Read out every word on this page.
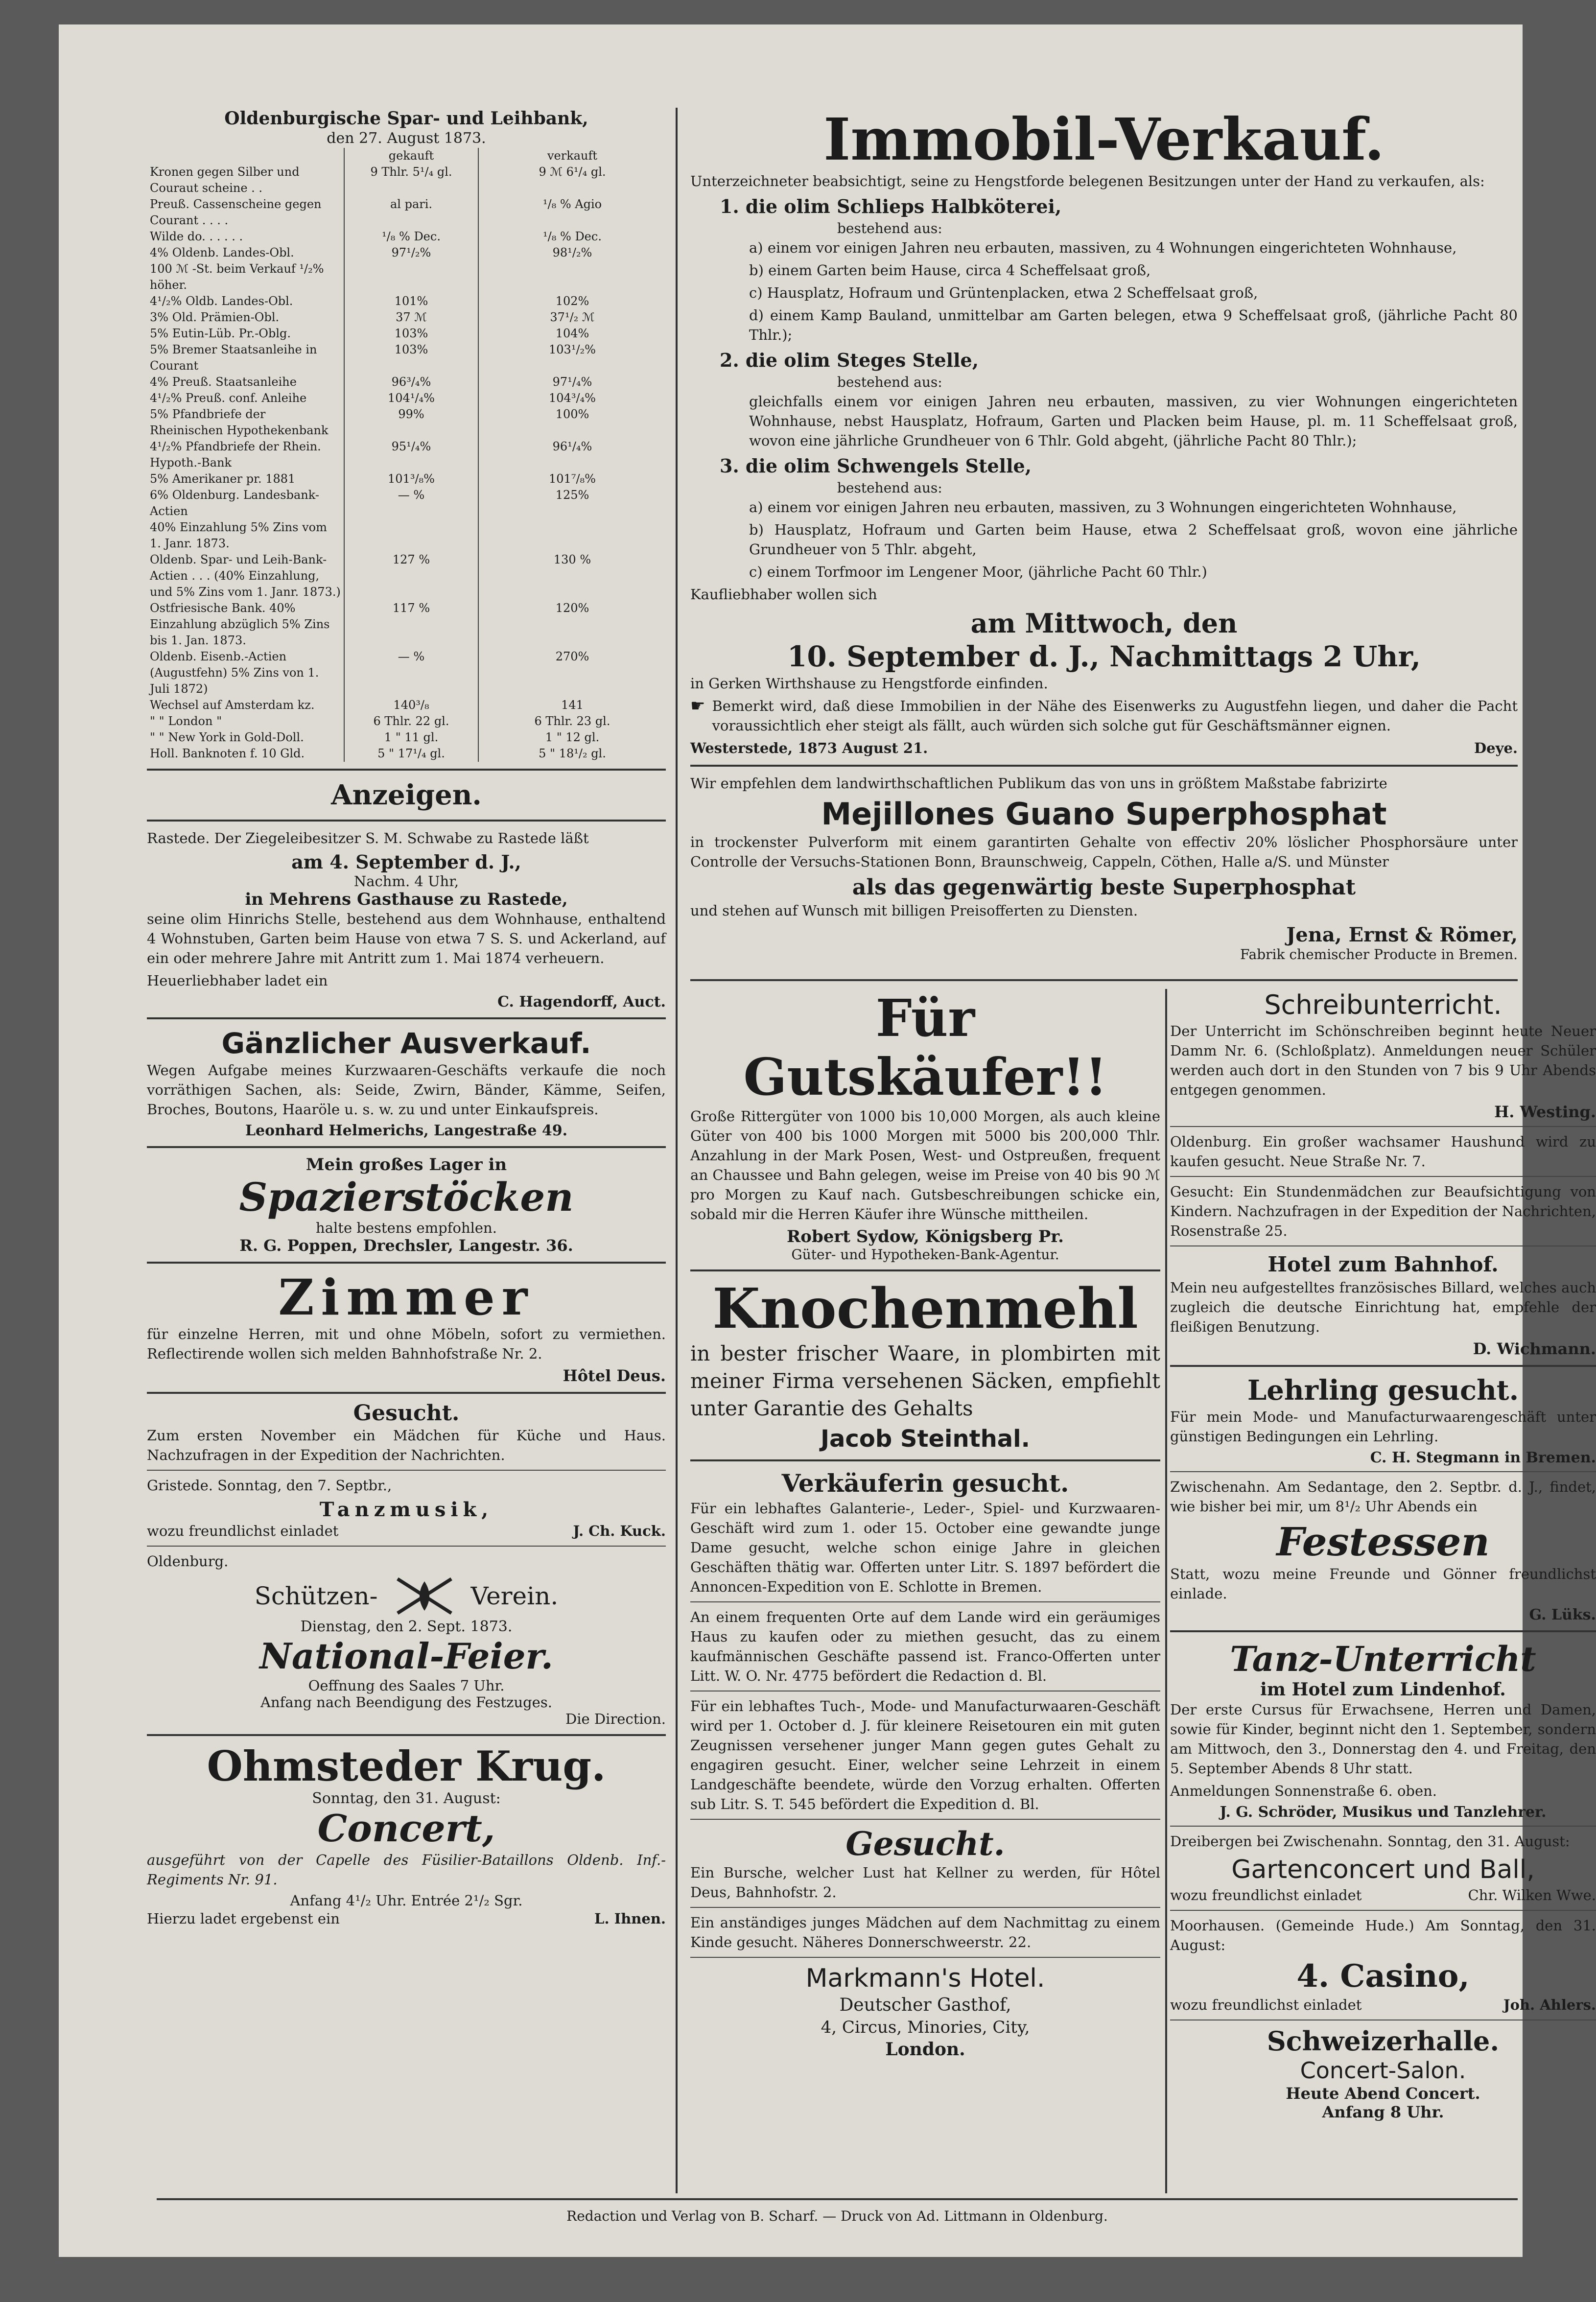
Oldenburgische Spar- und Leihbank,
den 27. August 1873.
	gekauft	verkauft
Kronen gegen Silber und Couraut scheine . .	9 Thlr. 5¹/₄ gl.	9 ℳ 6¹/₄ gl.
Preuß. Cassenscheine gegen Courant . . . .	al pari.	¹/₈ % Agio
Wilde do. . . . . .	¹/₈ % Dec.	¹/₈ % Dec.
4% Oldenb. Landes-Obl.	97¹/₂%	98¹/₂%
100 ℳ -St. beim Verkauf ¹/₂% höher.		
4¹/₂% Oldb. Landes-Obl.	101%	102%
3% Old. Prämien-Obl.	37 ℳ	37¹/₂ ℳ
5% Eutin-Lüb. Pr.-Oblg.	103%	104%
5% Bremer Staatsanleihe in Courant	103%	103¹/₂%
4% Preuß. Staatsanleihe	96³/₄%	97¹/₄%
4¹/₂% Preuß. conf. Anleihe	104¹/₄%	104³/₄%
5% Pfandbriefe der Rheinischen Hypothekenbank	99%	100%
4¹/₂% Pfandbriefe der Rhein. Hypoth.-Bank	95¹/₄%	96¹/₄%
5% Amerikaner pr. 1881	101³/₈%	101⁷/₈%
6% Oldenburg. Landesbank-Actien	— %	125%
40% Einzahlung 5% Zins vom 1. Janr. 1873.		
Oldenb. Spar- und Leih-Bank-Actien . . . (40% Einzahlung, und 5% Zins vom 1. Janr. 1873.)	127 %	130 %
Ostfriesische Bank. 40% Einzahlung abzüglich 5% Zins bis 1. Jan. 1873.	117 %	120%
Oldenb. Eisenb.-Actien (Augustfehn) 5% Zins von 1. Juli 1872)	— %	270%
Wechsel auf Amsterdam kz.	140³/₈	141
" " London "	6 Thlr. 22 gl.	6 Thlr. 23 gl.
" " New York in Gold-Doll.	1 " 11 gl.	1 " 12 gl.
Holl. Banknoten f. 10 Gld.	5 " 17¹/₄ gl.	5 " 18¹/₂ gl.
Anzeigen.

Rastede. Der Ziegeleibesitzer S. M. Schwabe zu Rastede läßt

am 4. September d. J.,
Nachm. 4 Uhr,
in Mehrens Gasthause zu Rastede,

seine olim Hinrichs Stelle, bestehend aus dem Wohnhause, enthaltend 4 Wohnstuben, Garten beim Hause von etwa 7 S. S. und Ackerland, auf ein oder mehrere Jahre mit Antritt zum 1. Mai 1874 verheuern.

Heuerliebhaber ladet ein

C. Hagendorff, Auct.
Gänzlicher Ausverkauf.

Wegen Aufgabe meines Kurzwaaren-Geschäfts verkaufe die noch vorräthigen Sachen, als: Seide, Zwirn, Bänder, Kämme, Seifen, Broches, Boutons, Haaröle u. s. w. zu und unter Einkaufspreis.

Leonhard Helmerichs, Langestraße 49.
Mein großes Lager in
Spazierstöcken
halte bestens empfohlen.
R. G. Poppen, Drechsler, Langestr. 36.
Zimmer

für einzelne Herren, mit und ohne Möbeln, sofort zu vermiethen. Reflectirende wollen sich melden Bahnhofstraße Nr. 2.

Hôtel Deus.
Gesucht.

Zum ersten November ein Mädchen für Küche und Haus. Nachzufragen in der Expedition der Nachrichten.

Gristede. Sonntag, den 7. Septbr.,

Tanzmusik,
wozu freundlichst einladet	J. Ch. Kuck.

Oldenburg.

Schützen-	Verein.
Dienstag, den 2. Sept. 1873.
National-Feier.
Oeffnung des Saales 7 Uhr.
Anfang nach Beendigung des Festzuges.
Die Direction.
Ohmsteder Krug.
Sonntag, den 31. August:
Concert,

ausgeführt von der Capelle des Füsilier-Bataillons Oldenb. Inf.-Regiments Nr. 91.

Anfang 4¹/₂ Uhr. Entrée 2¹/₂ Sgr.
Hierzu ladet ergebenst ein	L. Ihnen.
Immobil-Verkauf.

Unterzeichneter beabsichtigt, seine zu Hengstforde belegenen Besitzungen unter der Hand zu verkaufen, als:

1. die olim Schlieps Halbköterei,
bestehend aus:

a) einem vor einigen Jahren neu erbauten, massiven, zu 4 Wohnungen eingerichteten Wohnhause,

b) einem Garten beim Hause, circa 4 Scheffelsaat groß,

c) Hausplatz, Hofraum und Grüntenplacken, etwa 2 Scheffelsaat groß,

d) einem Kamp Bauland, unmittelbar am Garten belegen, etwa 9 Scheffelsaat groß, (jährliche Pacht 80 Thlr.);

2. die olim Steges Stelle,
bestehend aus:

gleichfalls einem vor einigen Jahren neu erbauten, massiven, zu vier Wohnungen eingerichteten Wohnhause, nebst Hausplatz, Hofraum, Garten und Placken beim Hause, pl. m. 11 Scheffelsaat groß, wovon eine jährliche Grundheuer von 6 Thlr. Gold abgeht, (jährliche Pacht 80 Thlr.);

3. die olim Schwengels Stelle,
bestehend aus:

a) einem vor einigen Jahren neu erbauten, massiven, zu 3 Wohnungen eingerichteten Wohnhause,

b) Hausplatz, Hofraum und Garten beim Hause, etwa 2 Scheffelsaat groß, wovon eine jährliche Grundheuer von 5 Thlr. abgeht,

c) einem Torfmoor im Lengener Moor, (jährliche Pacht 60 Thlr.)

Kaufliebhaber wollen sich

am Mittwoch, den
10. September d. J., Nachmittags 2 Uhr,

in Gerken Wirthshause zu Hengstforde einfinden.

☛ Bemerkt wird, daß diese Immobilien in der Nähe des Eisenwerks zu Augustfehn liegen, und daher die Pacht voraussichtlich eher steigt als fällt, auch würden sich solche gut für Geschäftsmänner eignen.

Westerstede, 1873 August 21.	Deye.

Wir empfehlen dem landwirthschaftlichen Publikum das von uns in größtem Maßstabe fabrizirte

Mejillones Guano Superphosphat

in trockenster Pulverform mit einem garantirten Gehalte von effectiv 20% löslicher Phosphorsäure unter Controlle der Versuchs-Stationen Bonn, Braunschweig, Cappeln, Cöthen, Halle a/S. und Münster

als das gegenwärtig beste Superphosphat

und stehen auf Wunsch mit billigen Preisofferten zu Diensten.

Jena, Ernst & Römer,
Fabrik chemischer Producte in Bremen.
Für Gutskäufer!!

Große Rittergüter von 1000 bis 10,000 Morgen, als auch kleine Güter von 400 bis 1000 Morgen mit 5000 bis 200,000 Thlr. Anzahlung in der Mark Posen, West- und Ostpreußen, frequent an Chaussee und Bahn gelegen, weise im Preise von 40 bis 90 ℳ pro Morgen zu Kauf nach. Gutsbeschreibungen schicke ein, sobald mir die Herren Käufer ihre Wünsche mittheilen.

Robert Sydow, Königsberg Pr.
Güter- und Hypotheken-Bank-Agentur.
Knochenmehl

in bester frischer Waare, in plombirten mit meiner Firma versehenen Säcken, empfiehlt unter Garantie des Gehalts

Jacob Steinthal.
Verkäuferin gesucht.

Für ein lebhaftes Galanterie-, Leder-, Spiel- und Kurzwaaren-Geschäft wird zum 1. oder 15. October eine gewandte junge Dame gesucht, welche schon einige Jahre in gleichen Geschäften thätig war. Offerten unter Litr. S. 1897 befördert die Annoncen-Expedition von E. Schlotte in Bremen.

An einem frequenten Orte auf dem Lande wird ein geräumiges Haus zu kaufen oder zu miethen gesucht, das zu einem kaufmännischen Geschäfte passend ist. Franco-Offerten unter Litt. W. O. Nr. 4775 befördert die Redaction d. Bl.

Für ein lebhaftes Tuch-, Mode- und Manufacturwaaren-Geschäft wird per 1. October d. J. für kleinere Reisetouren ein mit guten Zeugnissen versehener junger Mann gegen gutes Gehalt zu engagiren gesucht. Einer, welcher seine Lehrzeit in einem Landgeschäfte beendete, würde den Vorzug erhalten. Offerten sub Litr. S. T. 545 befördert die Expedition d. Bl.

Gesucht.

Ein Bursche, welcher Lust hat Kellner zu werden, für Hôtel Deus, Bahnhofstr. 2.

Ein anständiges junges Mädchen auf dem Nachmittag zu einem Kinde gesucht. Näheres Donnerschweerstr. 22.

Markmann's Hotel.
Deutscher Gasthof,
4, Circus, Minories, City,
London.
Schreibunterricht.

Der Unterricht im Schönschreiben beginnt heute Neuer Damm Nr. 6. (Schloßplatz). Anmeldungen neuer Schüler werden auch dort in den Stunden von 7 bis 9 Uhr Abends entgegen genommen.

H. Westing.

Oldenburg. Ein großer wachsamer Haushund wird zu kaufen gesucht. Neue Straße Nr. 7.

Gesucht: Ein Stundenmädchen zur Beaufsichtigung von Kindern. Nachzufragen in der Expedition der Nachrichten, Rosenstraße 25.

Hotel zum Bahnhof.

Mein neu aufgestelltes französisches Billard, welches auch zugleich die deutsche Einrichtung hat, empfehle der fleißigen Benutzung.

D. Wichmann.
Lehrling gesucht.

Für mein Mode- und Manufacturwaarengeschäft unter günstigen Bedingungen ein Lehrling.

C. H. Stegmann in Bremen.

Zwischenahn. Am Sedantage, den 2. Septbr. d. J., findet, wie bisher bei mir, um 8¹/₂ Uhr Abends ein

Festessen

Statt, wozu meine Freunde und Gönner freundlichst einlade.

G. Lüks.
Tanz-Unterricht
im Hotel zum Lindenhof.

Der erste Cursus für Erwachsene, Herren und Damen, sowie für Kinder, beginnt nicht den 1. September, sondern am Mittwoch, den 3., Donnerstag den 4. und Freitag, den 5. September Abends 8 Uhr statt.

Anmeldungen Sonnenstraße 6. oben.

J. G. Schröder, Musikus und Tanzlehrer.

Dreibergen bei Zwischenahn. Sonntag, den 31. August:

Gartenconcert und Ball,
wozu freundlichst einladet	Chr. Wilken Wwe.

Moorhausen. (Gemeinde Hude.) Am Sonntag, den 31. August:

4. Casino,
wozu freundlichst einladet	Joh. Ahlers.
Schweizerhalle.
Concert-Salon.
Heute Abend Concert.
Anfang 8 Uhr.
Redaction und Verlag von B. Scharf. — Druck von Ad. Littmann in Oldenburg.
